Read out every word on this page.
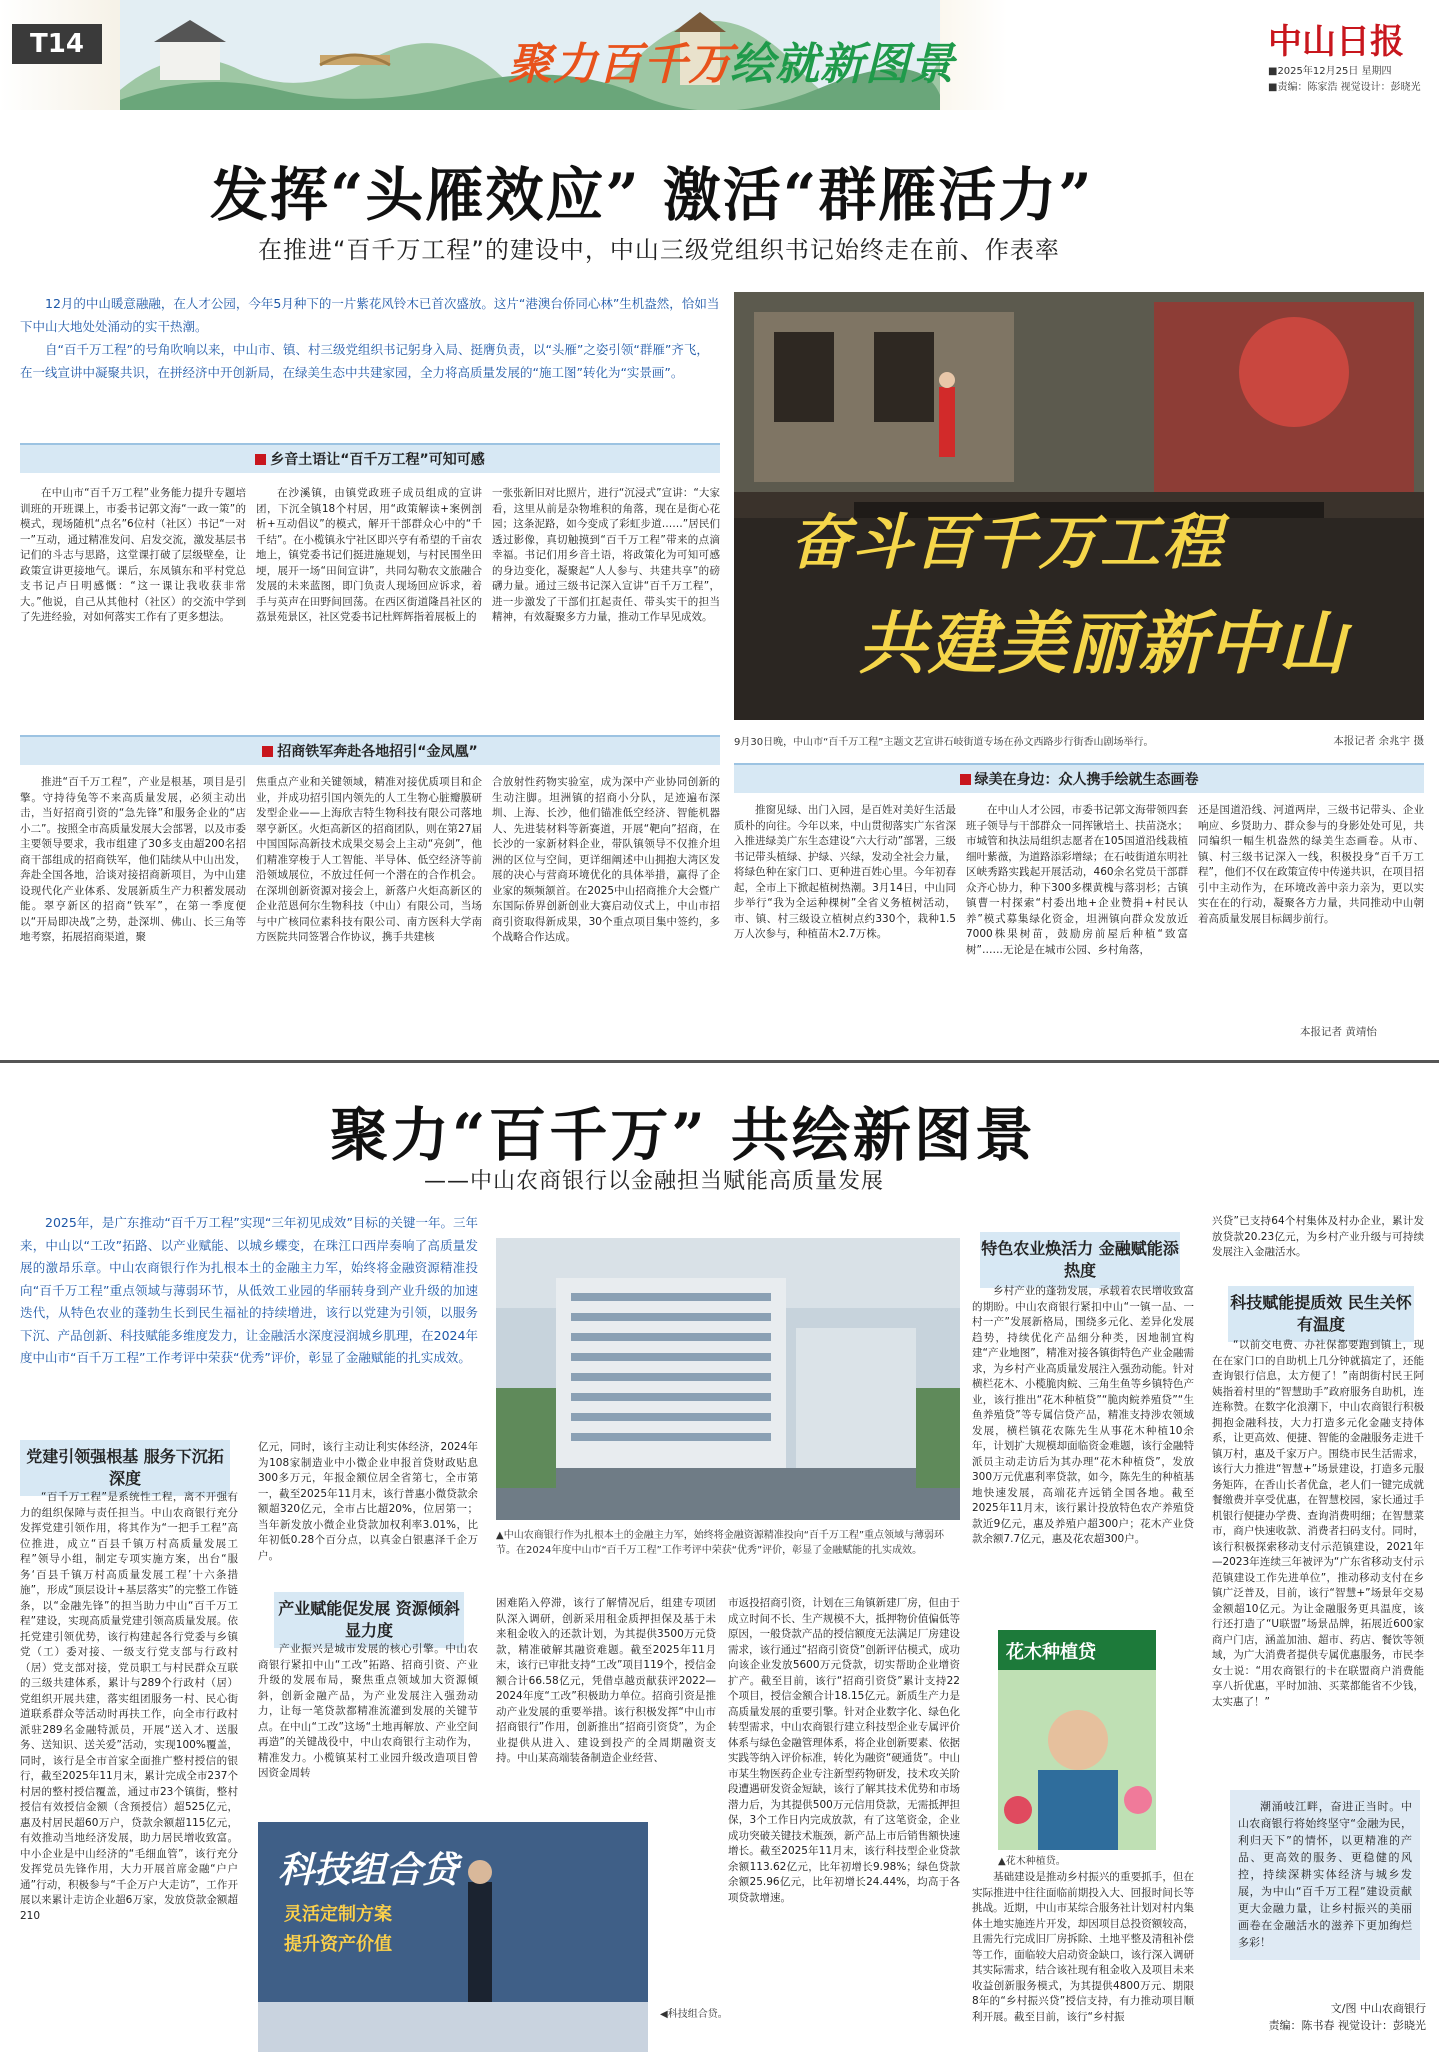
聚力百千万
绘就新图景	中山日报
■2025年12月25日 星期四
■责编：陈家浩 视觉设计：彭晓光
T14
发挥“头雁效应” 激活“群雁活力”
在推进“百千万工程”的建设中，中山三级党组织书记始终走在前、作表率

12月的中山暖意融融，在人才公园，今年5月种下的一片紫花风铃木已首次盛放。这片“港澳台侨同心林”生机盎然，恰如当下中山大地处处涌动的实干热潮。

自“百千万工程”的号角吹响以来，中山市、镇、村三级党组织书记躬身入局、挺膺负责，以“头雁”之姿引领“群雁”齐飞，在一线宣讲中凝聚共识，在拼经济中开创新局，在绿美生态中共建家园，全力将高质量发展的“施工图”转化为“实景画”。

乡音土语让“百千万工程”可知可感
在中山市“百千万工程”业务能力提升专题培训班的开班课上，市委书记郭文海“一政一策”的模式，现场随机“点名”6位村（社区）书记“一对一”互动，通过精准发问、启发交流，激发基层书记们的斗志与思路，这堂课打破了层级壁垒，让政策宣讲更接地气。课后，东凤镇东和平村党总支书记卢日明感慨：“这一课让我收获非常大。”他说，自己从其他村（社区）的交流中学到了先进经验，对如何落实工作有了更多想法。
在沙溪镇，由镇党政班子成员组成的宣讲团，下沉全镇18个村居，用“政策解读+案例剖析+互动倡议”的模式，解开干部群众心中的“千千结”。在小榄镇永宁社区即兴亨有希望的千亩农地上，镇党委书记们挺进施规划，与村民围坐田埂，展开一场“田间宣讲”，共同勾勒农文旅融合发展的未来蓝图，即门负责人现场回应诉求，着手与英声在田野间回荡。在西区街道隆昌社区的荔景苑景区，社区党委书记杜辉辉指着展板上的
一张张新旧对比照片，进行“沉浸式”宣讲：“大家看，这里从前是杂物堆积的角落，现在是街心花园；这条泥路，如今变成了彩虹步道……”居民们透过影像，真切触摸到“百千万工程”带来的点滴幸福。书记们用乡音土语，将政策化为可知可感的身边变化，凝聚起“人人参与、共建共享”的磅礴力量。通过三级书记深入宣讲“百千万工程”，进一步激发了干部们扛起责任、带头实干的担当精神，有效凝聚多方力量，推动工作早见成效。
招商铁军奔赴各地招引“金凤凰”
推进“百千万工程”，产业是根基，项目是引擎。守持待兔等不来高质量发展，必须主动出击，当好招商引资的“急先锋”和服务企业的“店小二”。按照全市高质量发展大会部署，以及市委主要领导要求，我市组建了30多支由超200名招商干部组成的招商铁军，他们陆续从中山出发，奔赴全国各地，洽谈对接招商新项目，为中山建设现代化产业体系、发展新质生产力积蓄发展动能。翠亨新区的招商“铁军”，在第一季度便以“开局即决战”之势，赴深圳、佛山、长三角等地考察，拓展招商渠道，聚
焦重点产业和关键领域，精准对接优质项目和企业，并成功招引国内领先的人工生物心脏瓣膜研发型企业——上海欣吉特生物科技有限公司落地翠亨新区。火炬高新区的招商团队，则在第27届中国国际高新技术成果交易会上主动“亮剑”，他们精准穿梭于人工智能、半导体、低空经济等前沿领域展位，不放过任何一个潜在的合作机会。在深圳创新资源对接会上，新落户火炬高新区的企业范恩何尔生物科技（中山）有限公司，当场与中广核同位素科技有限公司、南方医科大学南方医院共同签署合作协议，携手共建核
合放射性药物实验室，成为深中产业协同创新的生动注脚。坦洲镇的招商小分队，足迹遍布深圳、上海、长沙，他们锚准低空经济、智能机器人、先进装材料等新赛道，开展“靶向”招商，在长沙的一家新材料企业，带队镇领导不仅推介坦洲的区位与空间，更详细阐述中山拥抱大湾区发展的决心与营商环境优化的具体举措，赢得了企业家的频频颔首。在2025中山招商推介大会暨广东国际侨界创新创业大赛启动仪式上，中山市招商引资取得新成果，30个重点项目集中签约，多个战略合作达成。
奋斗百千万工程
共建美丽新中山
9月30日晚，中山市“百千万工程”主题文艺宣讲石岐街道专场在孙文西路步行街香山剧场举行。	本报记者 余兆宇 摄
绿美在身边：众人携手绘就生态画卷
推窗见绿、出门入园，是百姓对美好生活最质朴的向往。今年以来，中山贯彻落实广东省深入推进绿美广东生态建设“六大行动”部署，三级书记带头植绿、护绿、兴绿，发动全社会力量，将绿色种在家门口、更种进百姓心里。今年初春起，全市上下掀起植树热潮。3月14日，中山同步举行“我为全运种棵树”全省义务植树活动，市、镇、村三级设立植树点约330个，栽种1.5万人次参与，种植苗木2.7万株。
在中山人才公园，市委书记郭文海带领四套班子领导与干部群众一同挥锹培土、扶苗浇水；市城管和执法局组织志愿者在105国道沿线栽植细叶紫薇，为道路添彩增绿；在石岐街道东明社区峡秀路实践起开展活动，460余名党员干部群众齐心协力，种下300多棵黄槐与落羽杉；古镇镇曹一村探索“村委出地+企业赞捐+村民认养”模式募集绿化资金，坦洲镇向群众发放近7000株果树苗，鼓励房前屋后种植“致富树”……无论是在城市公园、乡村角落，
还是国道沿线、河道两岸，三级书记带头、企业响应、乡贤助力、群众参与的身影处处可见，共同编织一幅生机盎然的绿美生态画卷。从市、镇、村三级书记深入一线，积极投身“百千万工程”，他们不仅在政策宣传中传递共识，在项目招引中主动作为，在环境改善中亲力亲为，更以实实在在的行动，凝聚各方力量，共同推动中山朝着高质量发展目标阔步前行。
本报记者 黄靖怡
聚力“百千万” 共绘新图景
——中山农商银行以金融担当赋能高质量发展
2025年，是广东推动“百千万工程”实现“三年初见成效”目标的关键一年。三年来，中山以“工改”拓路、以产业赋能、以城乡蝶变，在珠江口西岸奏响了高质量发展的激昂乐章。中山农商银行作为扎根本土的金融主力军，始终将金融资源精准投向“百千万工程”重点领域与薄弱环节，从低效工业园的华丽转身到产业升级的加速迭代，从特色农业的蓬勃生长到民生福祉的持续增进，该行以党建为引领，以服务下沉、产品创新、科技赋能多维度发力，让金融活水深度浸润城乡肌理，在2024年度中山市“百千万工程”工作考评中荣获“优秀”评价，彰显了金融赋能的扎实成效。
党建引领强根基 服务下沉拓深度
“百千万工程”是系统性工程，离不开强有力的组织保障与责任担当。中山农商银行充分发挥党建引领作用，将其作为“一把手工程”高位推进，成立“百县千镇万村高质量发展工程”领导小组，制定专项实施方案，出台“服务‘百县千镇万村高质量发展工程’十六条措施”，形成“顶层设计+基层落实”的完整工作链条，以“金融先锋”的担当助力中山“百千万工程”建设，实现高质量党建引领高质量发展。依托党建引领优势，该行构建起各行党委与乡镇党（工）委对接、一级支行党支部与行政村（居）党支部对接，党员职工与村民群众互联的三级共建体系，累计与289个行政村（居）党组织开展共建，落实组团服务一村、民心街道联系群众等活动时再扶工作，向全市行政村派驻289名金融特派员，开展“送入才、送服务、送知识、送关爱”活动，实现100%覆盖，同时，该行是全市首家全面推广整村授信的银行，截至2025年11月末，累计完成全市237个村居的整村授信覆盖，通过市23个镇街，整村授信有效授信金额（含预授信）超525亿元，惠及村居民超60万户，贷款余额超115亿元，有效推动当地经济发展，助力居民增收致富。中小企业是中山经济的“毛细血管”，该行充分发挥党员先锋作用，大力开展首席金融“户户通”行动，积极参与“千企万户大走访”，工作开展以来累计走访企业超6万家，发放贷款金额超210
亿元，同时，该行主动让利实体经济，2024年为108家制造业中小微企业申报首贷财政贴息300多万元，年报金额位居全省第七，全市第一，截至2025年11月末，该行普惠小微贷款余额超320亿元，全市占比超20%，位居第一；当年新发放小微企业贷款加权利率3.01%，比年初低0.28个百分点，以真金白银惠泽千企万户。
产业赋能促发展 资源倾斜显力度
产业振兴是城市发展的核心引擎。中山农商银行紧扣中山“工改”拓路、招商引资、产业升级的发展布局，聚焦重点领域加大资源倾斜，创新金融产品，为产业发展注入强劲动力，让每一笔贷款都精准流灌到发展的关键节点。在中山“工改”这场“土地再解放、产业空间再造”的关键战役中，中山农商银行主动作为，精准发力。小榄镇某村工业园升级改造项目曾因资金周转
▲中山农商银行作为扎根本土的金融主力军，始终将金融资源精准投向“百千万工程”重点领域与薄弱环节。在2024年度中山市“百千万工程”工作考评中荣获“优秀”评价，彰显了金融赋能的扎实成效。
困难陷入停滞，该行了解情况后，组建专项团队深入调研，创新采用租金质押担保及基于未来租金收入的还款计划，为其提供3500万元贷款，精准破解其融资难题。截至2025年11月末，该行已审批支持“工改”项目119个，授信金额合计66.58亿元，凭借卓越贡献获评2022—2024年度“工改”积极助力单位。招商引资是推动产业发展的重要举措。该行积极发挥“中山市招商银行”作用，创新推出“招商引资贷”，为企业提供从进入、建设到投产的全周期融资支持。中山某高端装备制造企业经营、
市返投招商引资，计划在三角镇新建厂房，但由于成立时间不长、生产规模不大，抵押物价值偏低等原因，一般贷款产品的授信额度无法满足厂房建设需求，该行通过“招商引资贷”创新评估模式，成功向该企业发放5600万元贷款，切实帮助企业增资扩产。截至目前，该行“招商引资贷”累计支持22个项目，授信金额合计18.15亿元。新质生产力是高质量发展的重要引擎。针对企业数字化、绿色化转型需求，中山农商银行建立科技型企业专属评价体系与绿色金融管理体系，将企业创新要素、依据实践等纳入评价标准，转化为融资“硬通货”。中山市某生物医药企业专注新型药物研发，技术攻关阶段遭遇研发资金短缺，该行了解其技术优势和市场潜力后，为其提供500万元信用贷款，无需抵押担保，3个工作日内完成放款，有了这笔资金，企业成功突破关键技术瓶颈，新产品上市后销售额快速增长。截至2025年11月末，该行科技型企业贷款余额113.62亿元，比年初增长9.98%；绿色贷款余额25.96亿元，比年初增长24.44%，均高于各项贷款增速。
科技组合贷
灵活定制方案
提升资产价值
◀科技组合贷。
特色农业焕活力 金融赋能添热度
乡村产业的蓬勃发展，承载着农民增收致富的期盼。中山农商银行紧扣中山“一镇一品、一村一产”发展新格局，围绕多元化、差异化发展趋势，持续优化产品细分种类，因地制宜构建“产业地图”，精准对接各镇街特色产业金融需求，为乡村产业高质量发展注入强劲动能。针对横栏花木、小榄脆肉鲩、三角生鱼等乡镇特色产业，该行推出“花木种植贷”“脆肉鲩养殖贷”“生鱼养殖贷”等专属信贷产品，精准支持涉农领域发展，横栏镇花农陈先生从事花木种植10余年，计划扩大规模却面临资金难题，该行金融特派员主动走访后为其办理“花木种植贷”，发放300万元优惠利率贷款，如今，陈先生的种植基地快速发展，高端花卉远销全国各地。截至2025年11月末，该行累计投放特色农产养殖贷款近9亿元，惠及养殖户超300户；花木产业贷款余额7.7亿元，惠及花农超300户。
花木种植贷
▲花木种植贷。
基础建设是推动乡村振兴的重要抓手，但在实际推进中往往面临前期投入大、回报时间长等挑战。近期，中山市某综合服务社计划对村内集体土地实施连片开发，却因项目总投资额较高，且需先行完成旧厂房拆除、土地平整及清租补偿等工作，面临较大启动资金缺口，该行深入调研其实际需求，结合该社现有租金收入及项目未来收益创新服务模式，为其提供4800万元、期限8年的“乡村振兴贷”授信支持，有力推动项目顺利开展。截至目前，该行“乡村振
兴贷”已支持64个村集体及村办企业，累计发放贷款20.23亿元，为乡村产业升级与可持续发展注入金融活水。
科技赋能提质效 民生关怀有温度
“以前交电费、办社保都要跑到镇上，现在在家门口的自助机上几分钟就搞定了，还能查询银行信息，太方便了！”南朗街村民王阿姨指着村里的“智慧助手”政府服务自助机，连连称赞。在数字化浪潮下，中山农商银行积极拥抱金融科技，大力打造多元化金融支持体系，让更高效、便捷、智能的金融服务走进千镇万村，惠及千家万户。围绕市民生活需求，该行大力推进“智慧+”场景建设，打造多元服务矩阵，在香山长者优盒，老人们一键完成就餐缴费并享受优惠，在智慧校园，家长通过手机银行便捷办学费、查询消费明细；在智慧菜市，商户快速收款、消费者扫码支付。同时，该行积极探索移动支付示范镇建设，2021年—2023年连续三年被评为“广东省移动支付示范镇建设工作先进单位”，推动移动支付在乡镇广泛普及，目前，该行“智慧+”场景年交易金额超10亿元。为让金融服务更具温度，该行还打造了“U联盟”场景品牌，拓展近600家商户门店，涵盖加油、超市、药店、餐饮等领域，为广大消费者提供专属优惠服务，市民李女士说：“用农商银行的卡在联盟商户消费能享八折优惠，平时加油、买菜都能省不少钱，太实惠了！”
潮涌岐江畔，奋进正当时。中山农商银行将始终坚守“金融为民，利归天下”的情怀，以更精准的产品、更高效的服务、更稳健的风控，持续深耕实体经济与城乡发展，为中山“百千万工程”建设贡献更大金融力量，让乡村振兴的美丽画卷在金融活水的滋养下更加绚烂多彩！
文/图 中山农商银行
责编：陈书春 视觉设计：彭晓光
